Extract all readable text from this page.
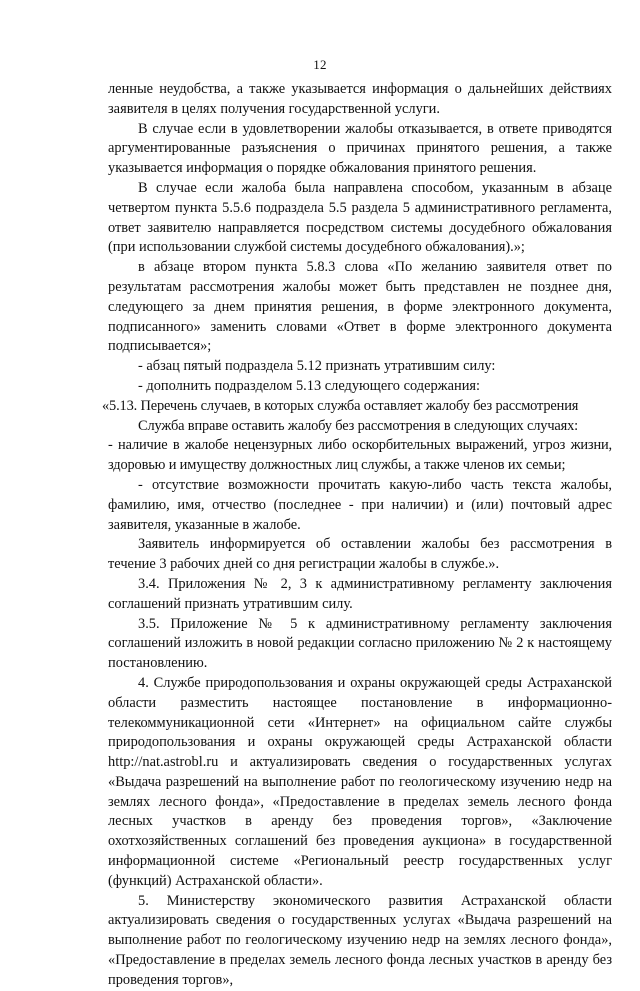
12

ленные неудобства, а также указывается информация о дальнейших действиях заявителя в целях получения государственной услуги.

В случае если в удовлетворении жалобы отказывается, в ответе приводятся аргументированные разъяснения о причинах принятого решения, а также указывается информация о порядке обжалования принятого решения.

В случае если жалоба была направлена способом, указанным в абзаце четвертом пункта 5.5.6 подраздела 5.5 раздела 5 административного регламента, ответ заявителю направляется посредством системы досудебного обжалования (при использовании службой системы досудебного обжалования).»;

в абзаце втором пункта 5.8.3 слова «По желанию заявителя ответ по результатам рассмотрения жалобы может быть представлен не позднее дня, следующего за днем принятия решения, в форме электронного документа, подписанного» заменить словами «Ответ в форме электронного документа подписывается»;

- абзац пятый подраздела 5.12 признать утратившим силу:

- дополнить подразделом 5.13 следующего содержания:

«5.13. Перечень случаев, в которых служба оставляет жалобу без рассмотрения

Служба вправе оставить жалобу без рассмотрения в следующих случаях:

- наличие в жалобе нецензурных либо оскорбительных выражений, угроз жизни, здоровью и имуществу должностных лиц службы, а также членов их семьи;

- отсутствие возможности прочитать какую-либо часть текста жалобы, фамилию, имя, отчество (последнее - при наличии) и (или) почтовый адрес заявителя, указанные в жалобе.

Заявитель информируется об оставлении жалобы без рассмотрения в течение 3 рабочих дней со дня регистрации жалобы в службе.».

3.4. Приложения № 2, 3 к административному регламенту заключения соглашений признать утратившим силу.

3.5. Приложение № 5 к административному регламенту заключения соглашений изложить в новой редакции согласно приложению № 2 к настоящему постановлению.

4. Службе природопользования и охраны окружающей среды Астраханской области разместить настоящее постановление в информационно-телекоммуникационной сети «Интернет» на официальном сайте службы природопользования и охраны окружающей среды Астраханской области http://nat.astrobl.ru и актуализировать сведения о государственных услугах «Выдача разрешений на выполнение работ по геологическому изучению недр на землях лесного фонда», «Предоставление в пределах земель лесного фонда лесных участков в аренду без проведения торгов», «Заключение охотхозяйственных соглашений без проведения аукциона» в государственной информационной системе «Региональный реестр государственных услуг (функций) Астраханской области».

5. Министерству экономического развития Астраханской области актуализировать сведения о государственных услугах «Выдача разрешений на выполнение работ по геологическому изучению недр на землях лесного фонда», «Предоставление в пределах земель лесного фонда лесных участков в аренду без проведения торгов»,
